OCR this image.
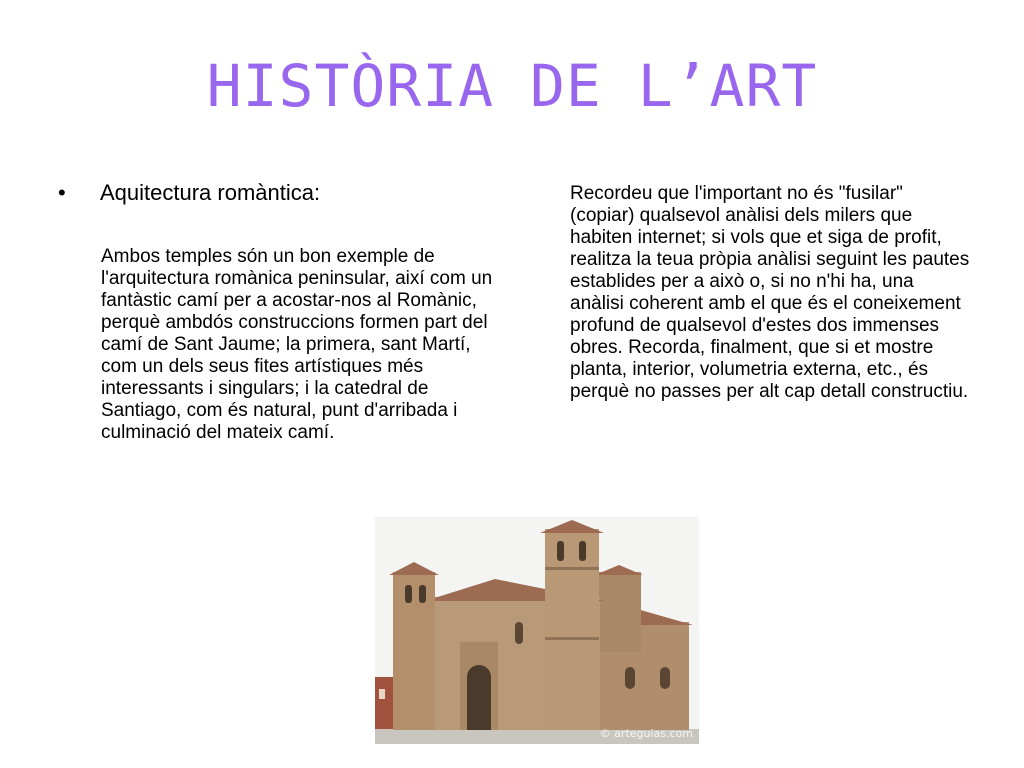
HISTÒRIA DE L’ART
• Aquitectura romàntica:
Ambos temples són un bon exemple de l'arquitectura romànica peninsular, així com un fantàstic camí per a acostar-nos al Romànic, perquè ambdós construccions formen part del camí de Sant Jaume; la primera, sant Martí, com un dels seus fites artístiques més interessants i singulars; i la catedral de Santiago, com és natural, punt d'arribada i culminació del mateix camí.
Recordeu que l'important no és "fusilar" (copiar) qualsevol anàlisi dels milers que habiten internet; si vols que et siga de profit, realitza la teua pròpia anàlisi seguint les pautes establides per a això o, si no n'hi ha, una anàlisi coherent amb el que és el coneixement profund de qualsevol d'estes dos immenses obres. Recorda, finalment, que si et mostre planta, interior, volumetria externa, etc., és perquè no passes per alt cap detall constructiu.
© arteguias.com
